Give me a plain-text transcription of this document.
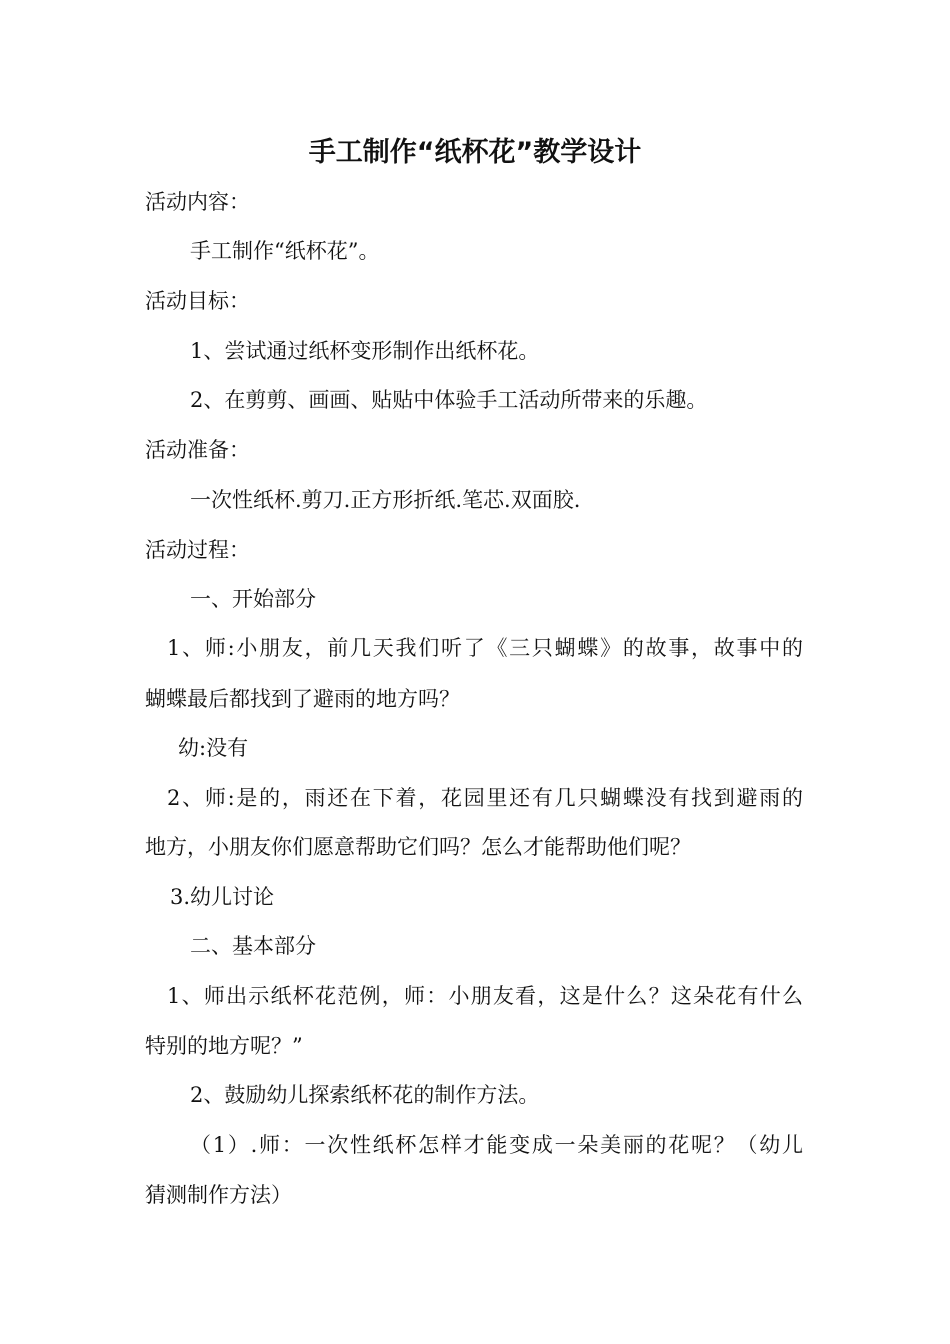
手工制作“纸杯花”教学设计
活动内容：
手工制作“纸杯花”。
活动目标：
1、尝试通过纸杯变形制作出纸杯花。
2、在剪剪、画画、贴贴中体验手工活动所带来的乐趣。
活动准备：
一次性纸杯.剪刀.正方形折纸.笔芯.双面胶.
活动过程：
一、开始部分
1、师:小朋友，前几天我们听了《三只蝴蝶》的故事，故事中的
蝴蝶最后都找到了避雨的地方吗？
幼:没有
2、师:是的，雨还在下着，花园里还有几只蝴蝶没有找到避雨的
地方，小朋友你们愿意帮助它们吗？怎么才能帮助他们呢？
3.幼儿讨论
二、基本部分
1、师出示纸杯花范例，师：小朋友看，这是什么？这朵花有什么
特别的地方呢？”
2、鼓励幼儿探索纸杯花的制作方法。
（1）.师：一次性纸杯怎样才能变成一朵美丽的花呢？（幼儿
猜测制作方法）
